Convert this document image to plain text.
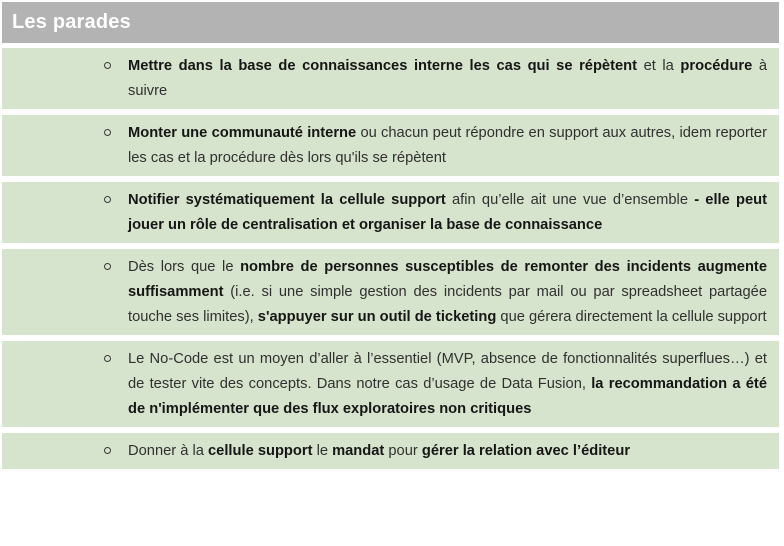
Les parades

Mettre dans la base de connaissances interne les cas qui se répètent et la procédure à suivre

Monter une communauté interne ou chacun peut répondre en support aux autres, idem reporter les cas et la procédure dès lors qu'ils se répètent

Notifier systématiquement la cellule support afin qu’elle ait une vue d’ensemble - elle peut jouer un rôle de centralisation et organiser la base de connaissance

Dès lors que le nombre de personnes susceptibles de remonter des incidents augmente suffisamment (i.e. si une simple gestion des incidents par mail ou par spreadsheet partagée touche ses limites), s'appuyer sur un outil de ticketing que gérera directement la cellule support

Le No-Code est un moyen d’aller à l’essentiel (MVP, absence de fonctionnalités superflues…) et de tester vite des concepts. Dans notre cas d’usage de Data Fusion, la recommandation a été de n'implémenter que des flux exploratoires non critiques

Donner à la cellule support le mandat pour gérer la relation avec l’éditeur
